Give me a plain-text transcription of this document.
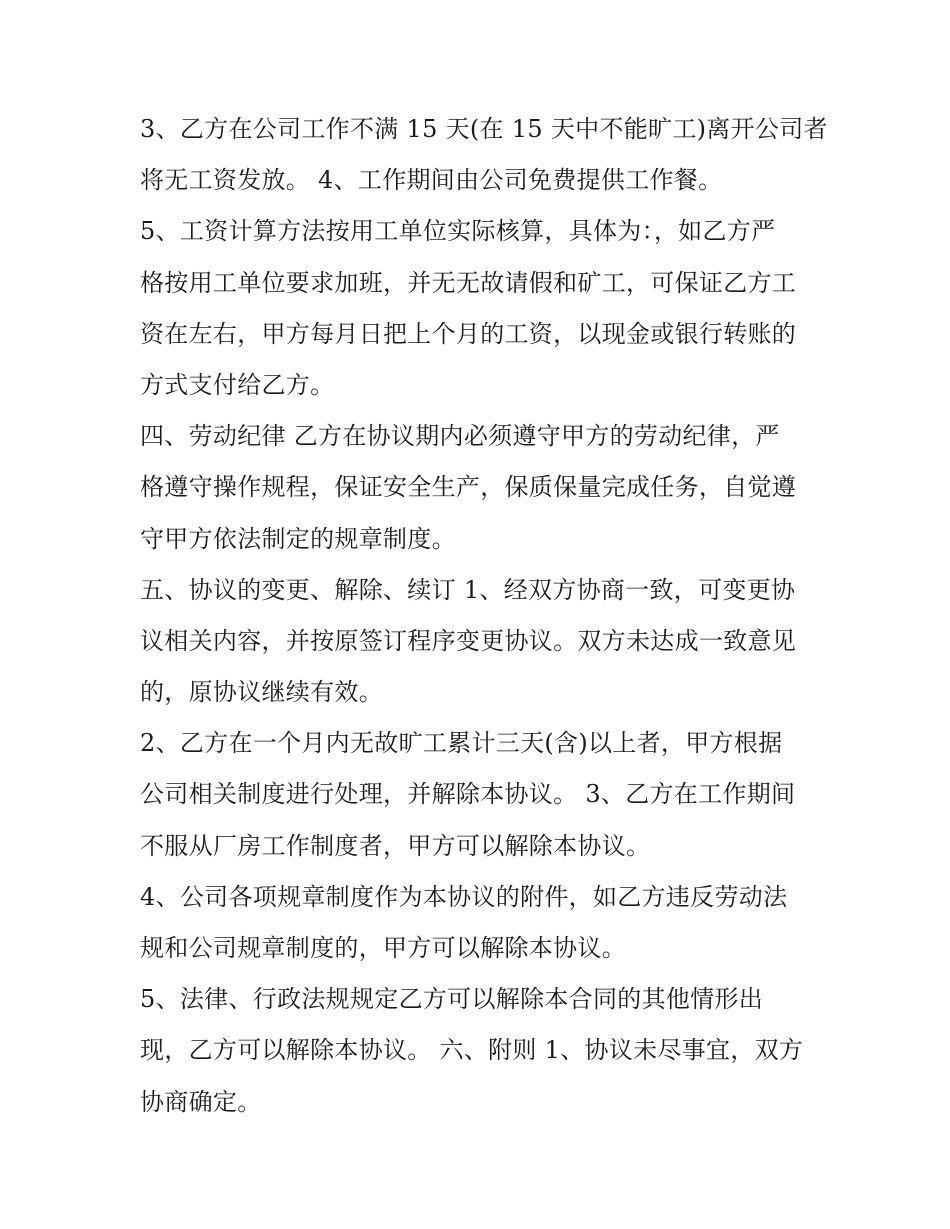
3、乙方在公司工作不满 15 天(在 15 天中不能旷工)离开公司者
将无工资发放。 4、工作期间由公司免费提供工作餐。
5、工资计算方法按用工单位实际核算，具体为：，如乙方严
格按用工单位要求加班，并无无故请假和矿工，可保证乙方工
资在左右，甲方每月日把上个月的工资，以现金或银行转账的
方式支付给乙方。
四、劳动纪律 乙方在协议期内必须遵守甲方的劳动纪律，严
格遵守操作规程，保证安全生产，保质保量完成任务，自觉遵
守甲方依法制定的规章制度。
五、协议的变更、解除、续订 1、经双方协商一致，可变更协
议相关内容，并按原签订程序变更协议。双方未达成一致意见
的，原协议继续有效。
2、乙方在一个月内无故旷工累计三天(含)以上者，甲方根据
公司相关制度进行处理，并解除本协议。 3、乙方在工作期间
不服从厂房工作制度者，甲方可以解除本协议。
4、公司各项规章制度作为本协议的附件，如乙方违反劳动法
规和公司规章制度的，甲方可以解除本协议。
5、法律、行政法规规定乙方可以解除本合同的其他情形出
现，乙方可以解除本协议。 六、附则 1、协议未尽事宜，双方
协商确定。
